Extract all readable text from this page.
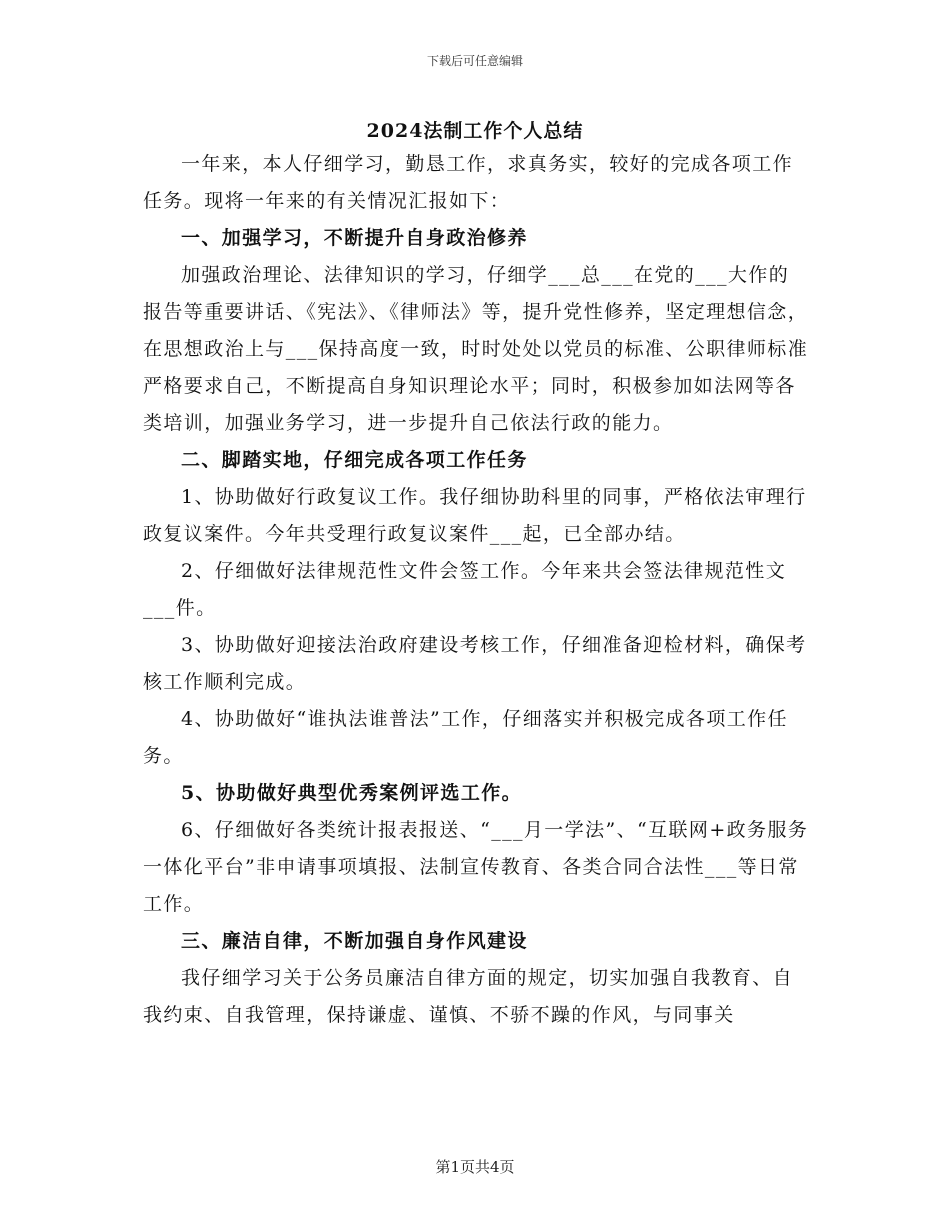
下载后可任意编辑
2024法制工作个人总结

一年来，本人仔细学习，勤恳工作，求真务实，较好的完成各项工作任务。现将一年来的有关情况汇报如下：

一、加强学习，不断提升自身政治修养

加强政治理论、法律知识的学习，仔细学___总___在党的___大作的报告等重要讲话、《宪法》、《律师法》等，提升党性修养，坚定理想信念，在思想政治上与___保持高度一致，时时处处以党员的标准、公职律师标准严格要求自己，不断提高自身知识理论水平；同时，积极参加如法网等各类培训，加强业务学习，进一步提升自己依法行政的能力。

二、脚踏实地，仔细完成各项工作任务

1、协助做好行政复议工作。我仔细协助科里的同事，严格依法审理行政复议案件。今年共受理行政复议案件___起，已全部办结。

2、仔细做好法律规范性文件会签工作。今年来共会签法律规范性文___件。

3、协助做好迎接法治政府建设考核工作，仔细准备迎检材料，确保考核工作顺利完成。

4、协助做好“谁执法谁普法”工作，仔细落实并积极完成各项工作任务。

5、协助做好典型优秀案例评选工作。

6、仔细做好各类统计报表报送、“___月一学法”、“互联网+政务服务一体化平台”非申请事项填报、法制宣传教育、各类合同合法性___等日常工作。

三、廉洁自律，不断加强自身作风建设

我仔细学习关于公务员廉洁自律方面的规定，切实加强自我教育、自我约束、自我管理，保持谦虚、谨慎、不骄不躁的作风，与同事关

第1页共4页
